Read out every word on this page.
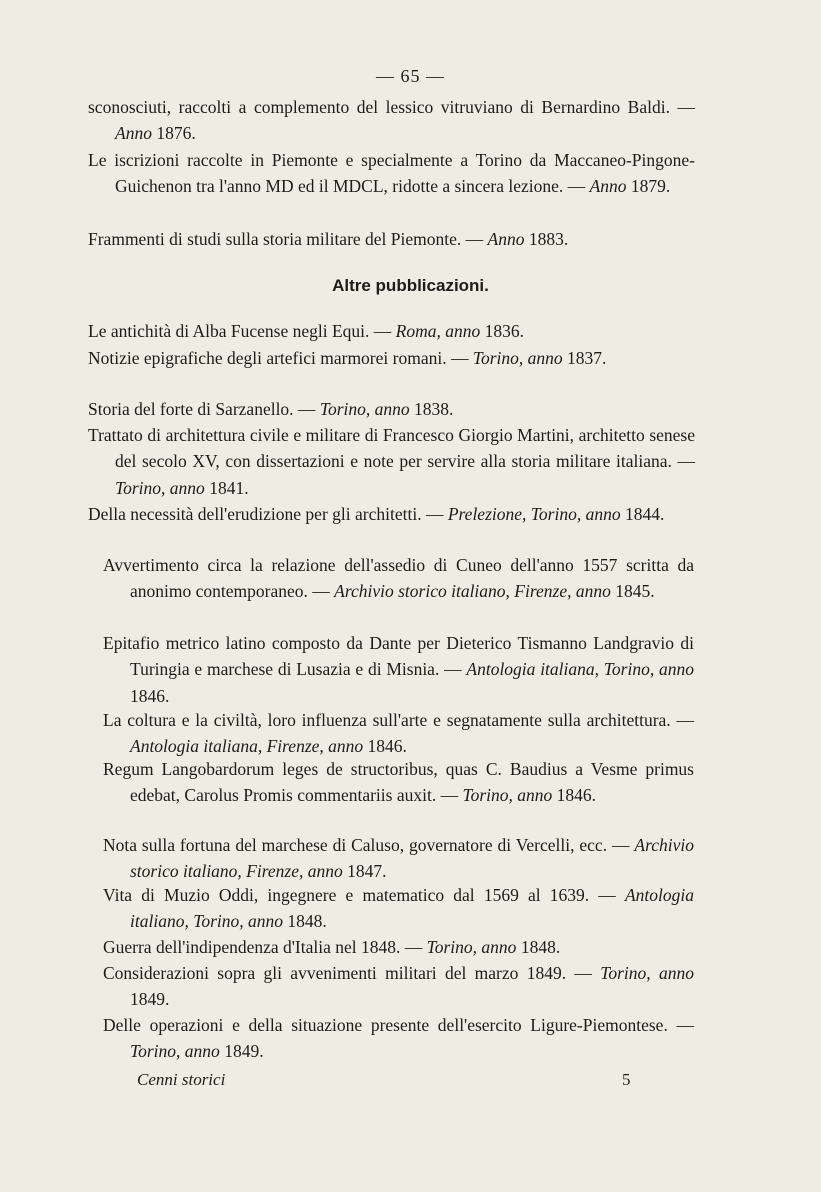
— 65 —
sconosciuti, raccolti a complemento del lessico vitruviano di Bernardino Baldi. — Anno 1876.
Le iscrizioni raccolte in Piemonte e specialmente a Torino da Maccaneo-Pingone-Guichenon tra l'anno MD ed il MDCL, ridotte a sincera lezione. — Anno 1879.
Frammenti di studi sulla storia militare del Piemonte. — Anno 1883.
Altre pubblicazioni.
Le antichità di Alba Fucense negli Equi. — Roma, anno 1836.
Notizie epigrafiche degli artefici marmorei romani. — Torino, anno 1837.
Storia del forte di Sarzanello. — Torino, anno 1838.
Trattato di architettura civile e militare di Francesco Giorgio Martini, architetto senese del secolo XV, con dissertazioni e note per servire alla storia militare italiana. — Torino, anno 1841.
Della necessità dell'erudizione per gli architetti. — Prelezione, Torino, anno 1844.
Avvertimento circa la relazione dell'assedio di Cuneo dell'anno 1557 scritta da anonimo contemporaneo. — Archivio storico italiano, Firenze, anno 1845.
Epitafio metrico latino composto da Dante per Dieterico Tismanno Landgravio di Turingia e marchese di Lusazia e di Misnia. — Antologia italiana, Torino, anno 1846.
La coltura e la civiltà, loro influenza sull'arte e segnatamente sulla architettura. — Antologia italiana, Firenze, anno 1846.
Regum Langobardorum leges de structoribus, quas C. Baudius a Vesme primus edebat, Carolus Promis commentariis auxit. — Torino, anno 1846.
Nota sulla fortuna del marchese di Caluso, governatore di Vercelli, ecc. — Archivio storico italiano, Firenze, anno 1847.
Vita di Muzio Oddi, ingegnere e matematico dal 1569 al 1639. — Antologia italiano, Torino, anno 1848.
Guerra dell'indipendenza d'Italia nel 1848. — Torino, anno 1848.
Considerazioni sopra gli avvenimenti militari del marzo 1849. — Torino, anno 1849.
Delle operazioni e della situazione presente dell'esercito Ligure-Piemontese. — Torino, anno 1849.
Cenni storici	5
